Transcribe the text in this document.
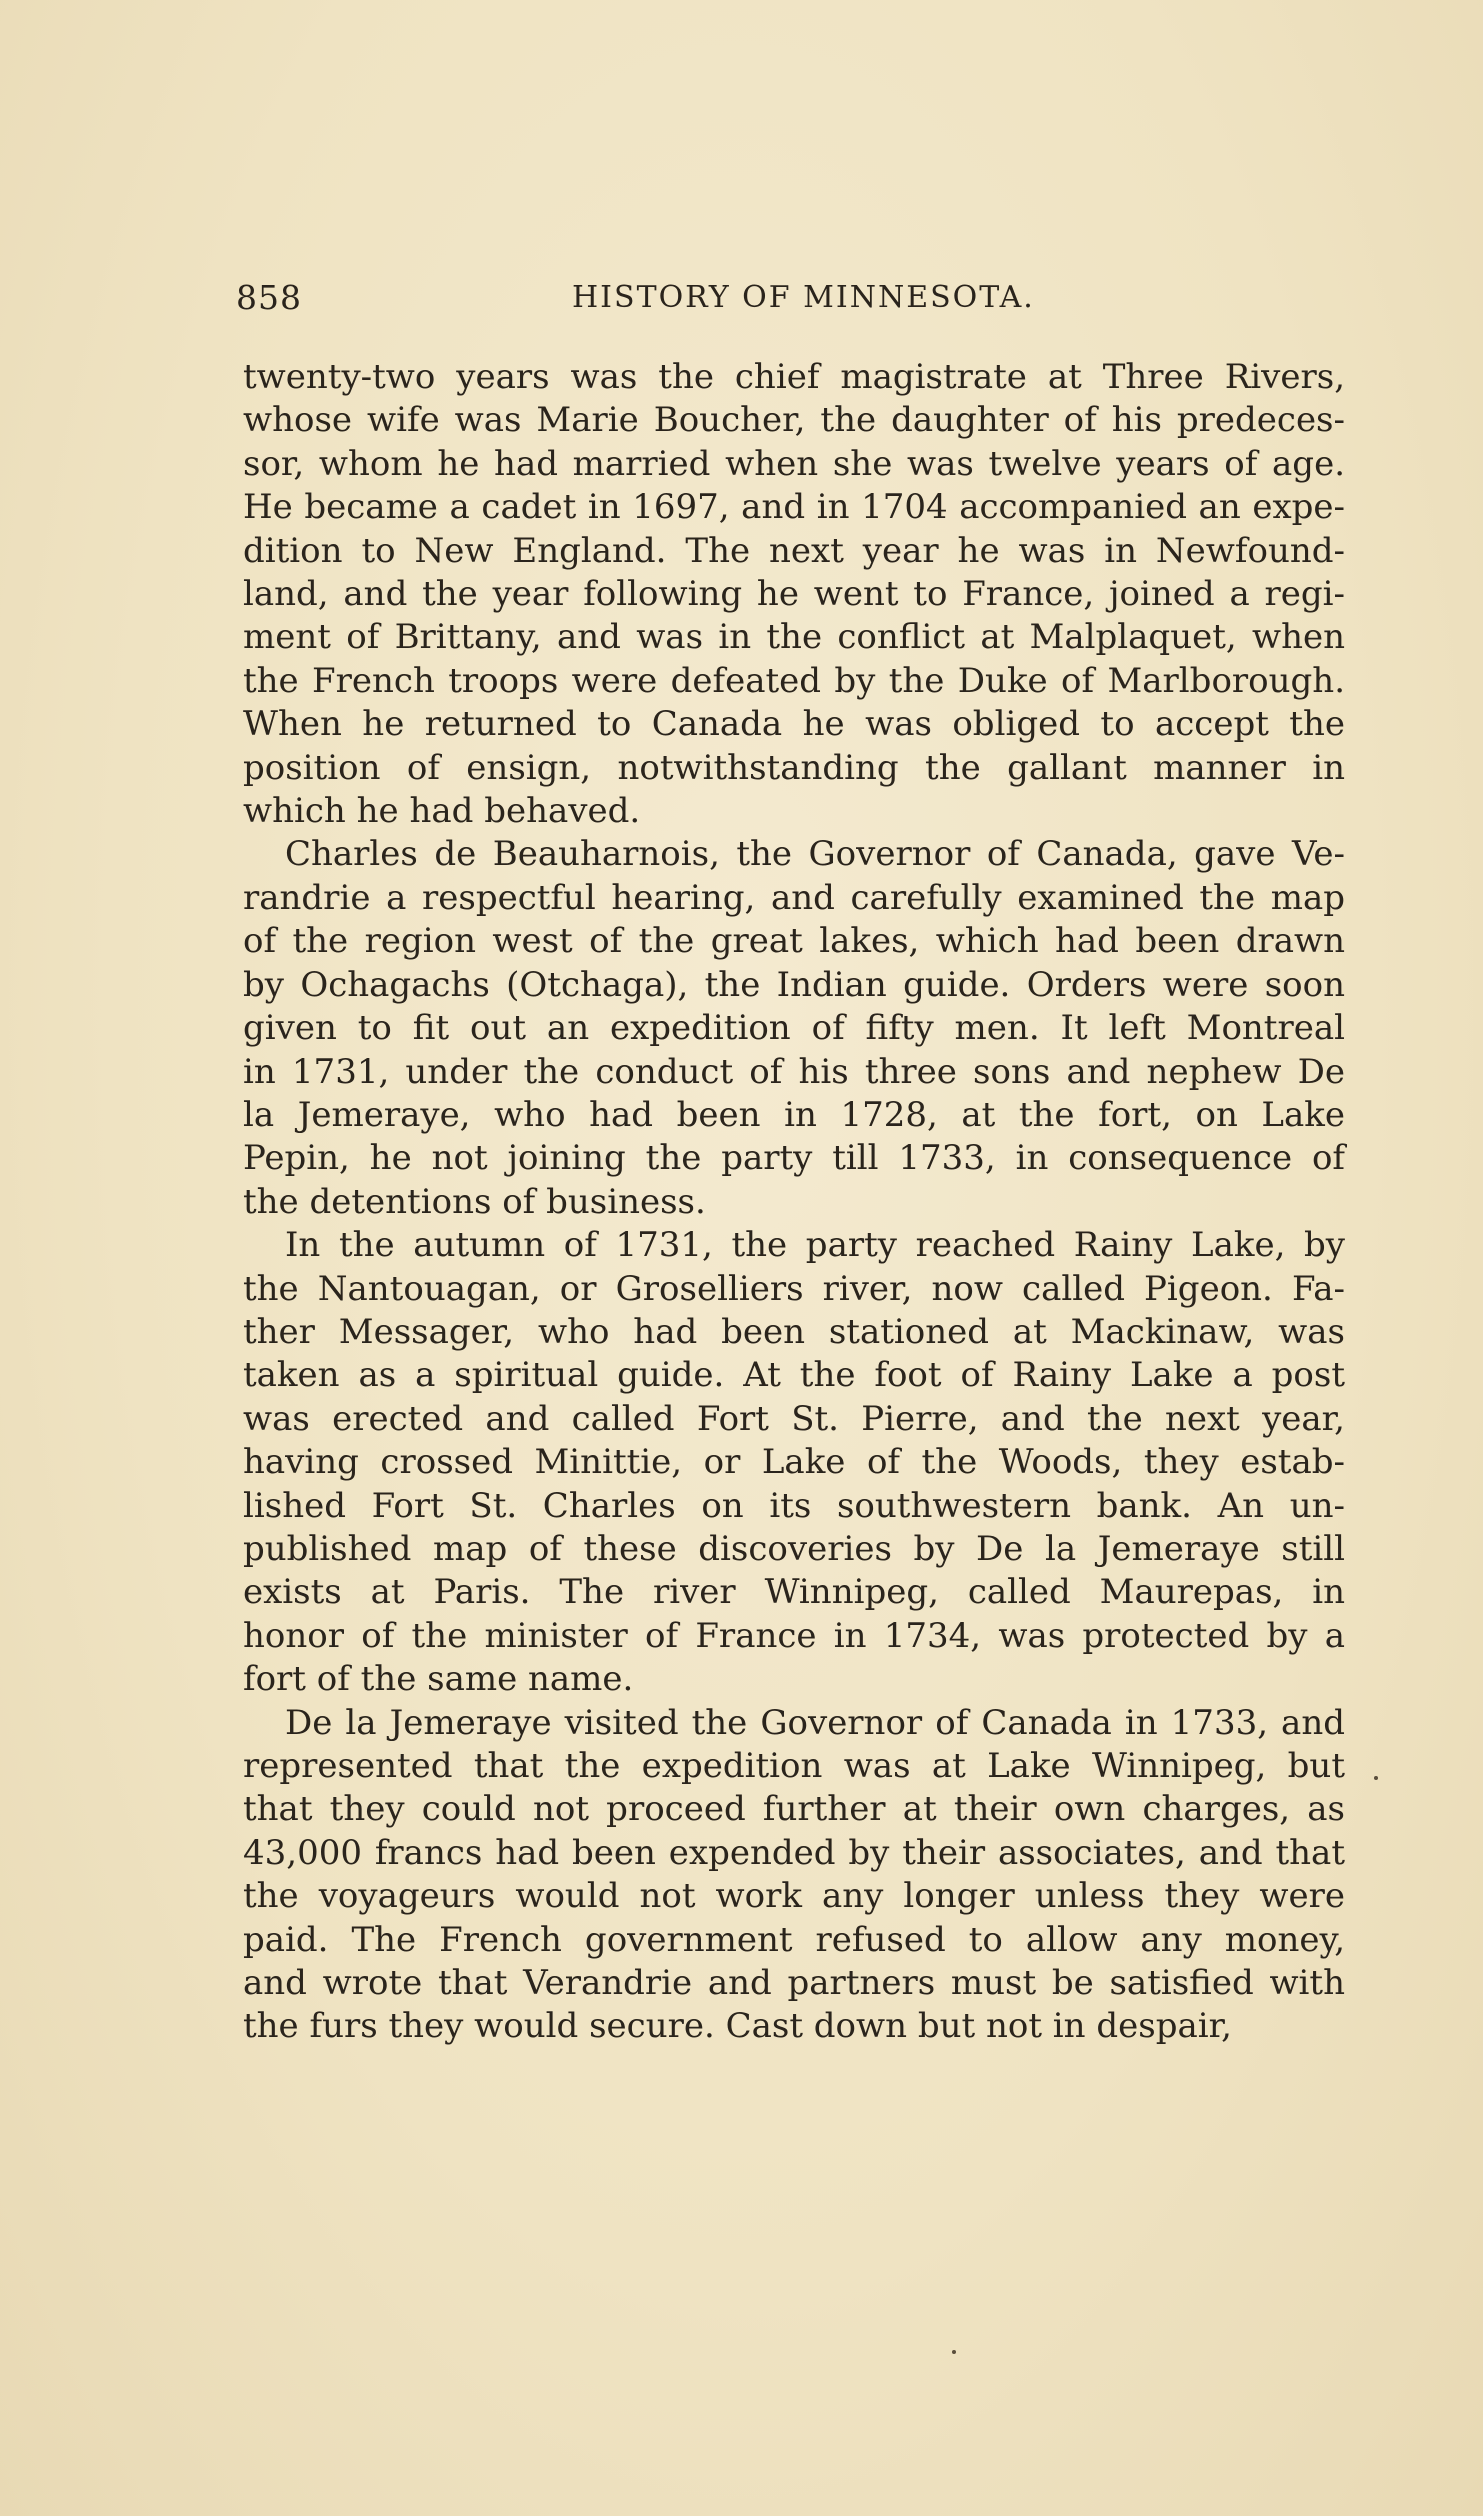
858	HISTORY OF MINNESOTA.
twenty-two years was the chief magistrate at Three Rivers,
whose wife was Marie Boucher, the daughter of his predeces-
sor, whom he had married when she was twelve years of age.
He became a cadet in 1697, and in 1704 accompanied an expe-
dition to New England. The next year he was in Newfound-
land, and the year following he went to France, joined a regi-
ment of Brittany, and was in the conflict at Malplaquet, when
the French troops were defeated by the Duke of Marlborough.
When he returned to Canada he was obliged to accept the
position of ensign, notwithstanding the gallant manner in
which he had behaved.
Charles de Beauharnois, the Governor of Canada, gave Ve-
randrie a respectful hearing, and carefully examined the map
of the region west of the great lakes, which had been drawn
by Ochagachs (Otchaga), the Indian guide. Orders were soon
given to fit out an expedition of fifty men. It left Montreal
in 1731, under the conduct of his three sons and nephew De
la Jemeraye, who had been in 1728, at the fort, on Lake
Pepin, he not joining the party till 1733, in consequence of
the detentions of business.
In the autumn of 1731, the party reached Rainy Lake, by
the Nantouagan, or Groselliers river, now called Pigeon. Fa-
ther Messager, who had been stationed at Mackinaw, was
taken as a spiritual guide. At the foot of Rainy Lake a post
was erected and called Fort St. Pierre, and the next year,
having crossed Minittie, or Lake of the Woods, they estab-
lished Fort St. Charles on its southwestern bank. An un-
published map of these discoveries by De la Jemeraye still
exists at Paris. The river Winnipeg, called Maurepas, in
honor of the minister of France in 1734, was protected by a
fort of the same name.
De la Jemeraye visited the Governor of Canada in 1733, and
represented that the expedition was at Lake Winnipeg, but
that they could not proceed further at their own charges, as
43,000 francs had been expended by their associates, and that
the voyageurs would not work any longer unless they were
paid. The French government refused to allow any money,
and wrote that Verandrie and partners must be satisfied with
the furs they would secure. Cast down but not in despair,
